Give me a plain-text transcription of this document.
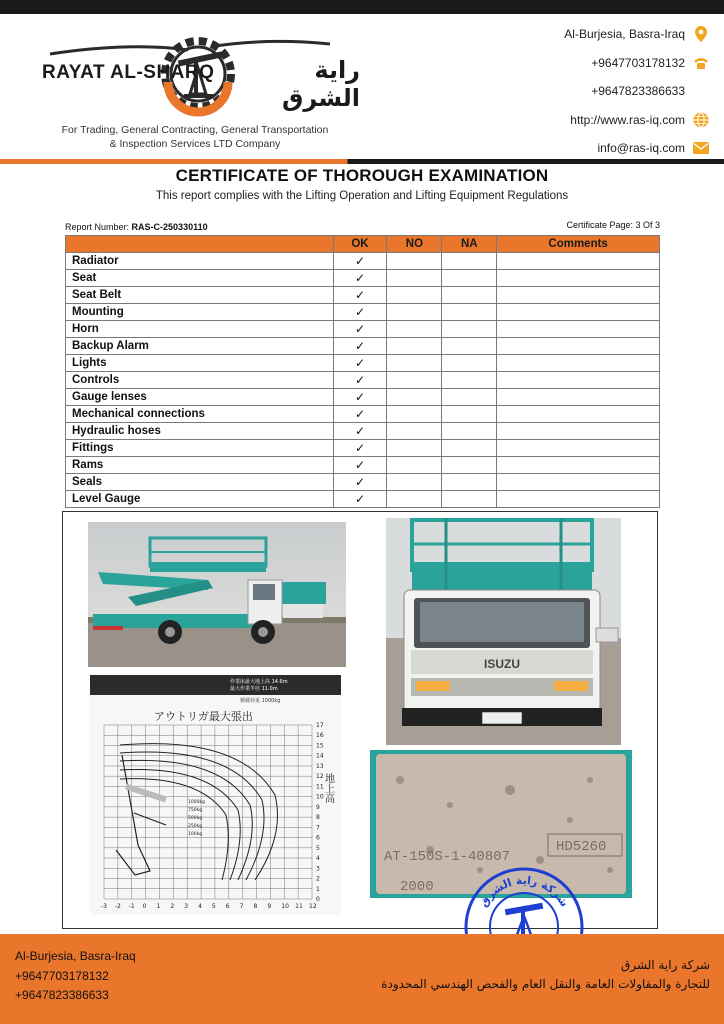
RAYAT AL-SHARQ	راية الشرق
For Trading, General Contracting, General Transportation
& Inspection Services LTD Company
Al-Burjesia, Basra-Iraq
+9647703178132
+9647823386633
http://www.ras-iq.com
info@ras-iq.com
CERTIFICATE OF THOROUGH EXAMINATION
This report complies with the Lifting Operation and Lifting Equipment Regulations
Report Number: RAS-C-250330110	Certificate Page: 3 Of 3
	OK	NO	NA	Comments
Radiator	✓			
Seat	✓			
Seat Belt	✓			
Mounting	✓			
Horn	✓			
Backup Alarm	✓			
Lights	✓			
Controls	✓			
Gauge lenses	✓			
Mechanical connections	✓			
Hydraulic hoses	✓			
Fittings	✓			
Rams	✓			
Seals	✓			
Level Gauge	✓			
ISUZU
作業床最大地上高 14.6m
最大作業半径 11.0m
積載荷重 1000kg
アウトリガ最大張出
-3 -2 -1 0 1 2 3 4 5 6 7 8 9 10 11 12
17
16
15
14
13
12
11
10
9
8
7
6
5
4
3
2
1
0
1000kg
750kg
500kg
250kg
100kg
地上高
AT-150S-1-40807
HD5260
2000
شركة راية الشرق
Al-Burjesia, Basra-Iraq
+9647703178132
+9647823386633
شركة راية الشرق
للتجارة والمقاولات العامة والنقل العام والفحص الهندسي المحدودة
